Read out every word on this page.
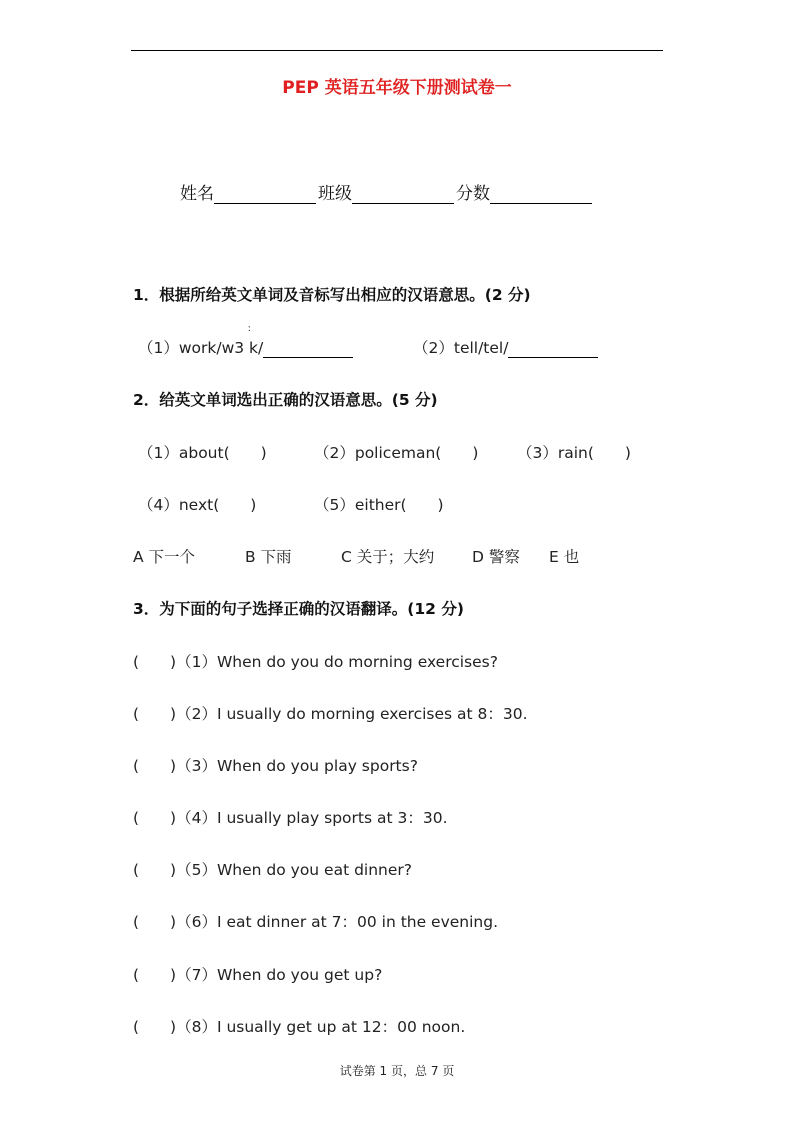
PEP 英语五年级下册测试卷一
姓名	班级	分数
1．根据所给英文单词及音标写出相应的汉语意思。(2 分)
ː
（1）work/w3 k/	（2）tell/tel/
2．给英文单词选出正确的汉语意思。(5 分)
（1）about(　　)	（2）policeman(　　) （3）rain(　　)
（4）next(　　)	（5）either(　　)
A 下一个	B 下雨	C 关于；大约 D 警察 E 也
3．为下面的句子选择正确的汉语翻译。(12 分)
(　　)（1）When do you do morning exercises?
(　　)（2）I usually do morning exercises at 8：30.
(　　)（3）When do you play sports?
(　　)（4）I usually play sports at 3：30.
(　　)（5）When do you eat dinner?
(　　)（6）I eat dinner at 7：00 in the evening.
(　　)（7）When do you get up?
(　　)（8）I usually get up at 12：00 noon.
试卷第 1 页，总 7 页
